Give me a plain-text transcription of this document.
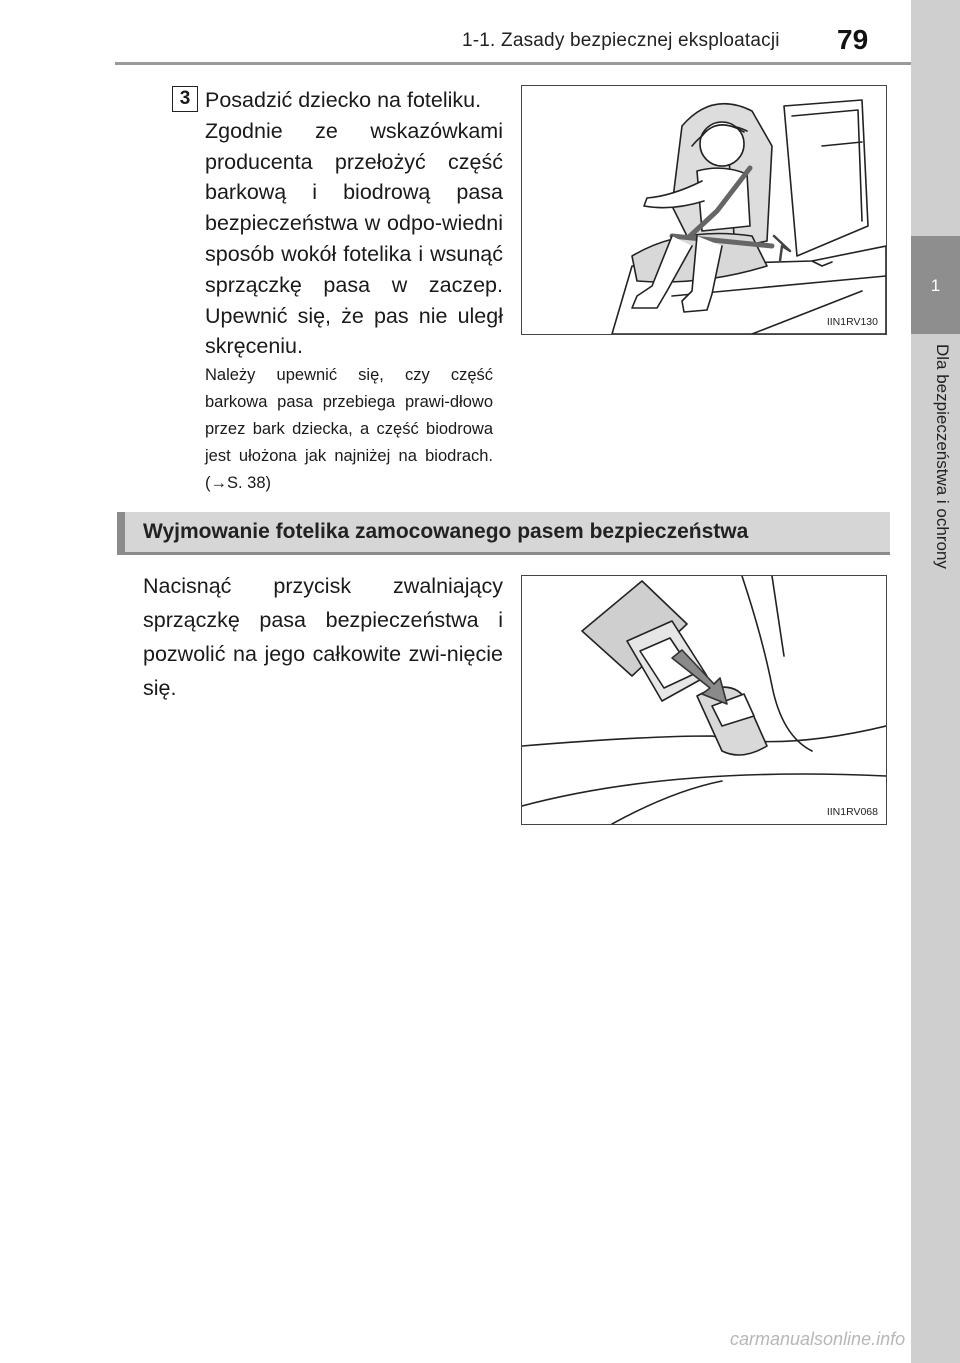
1-1. Zasady bezpiecznej eksploatacji 79
1
Dla bezpieczeństwa i ochrony
3 Posadzić dziecko na foteliku.
Zgodnie ze wskazówkami producenta przełożyć część barkową i biodrową pasa bezpieczeństwa w odpo-wiedni sposób wokół fotelika i wsunąć sprzączkę pasa w zaczep. Upewnić się, że pas nie uległ skręceniu.
Należy upewnić się, czy część barkowa pasa przebiega prawi-dłowo przez bark dziecka, a część biodrowa jest ułożona jak najniżej na biodrach. (→S. 38)
IIN1RV130
Wyjmowanie fotelika zamocowanego pasem bezpieczeństwa
Nacisnąć przycisk zwalniający sprzączkę pasa bezpieczeństwa i pozwolić na jego całkowite zwi-nięcie się.
IIN1RV068
carmanualsonline.info
